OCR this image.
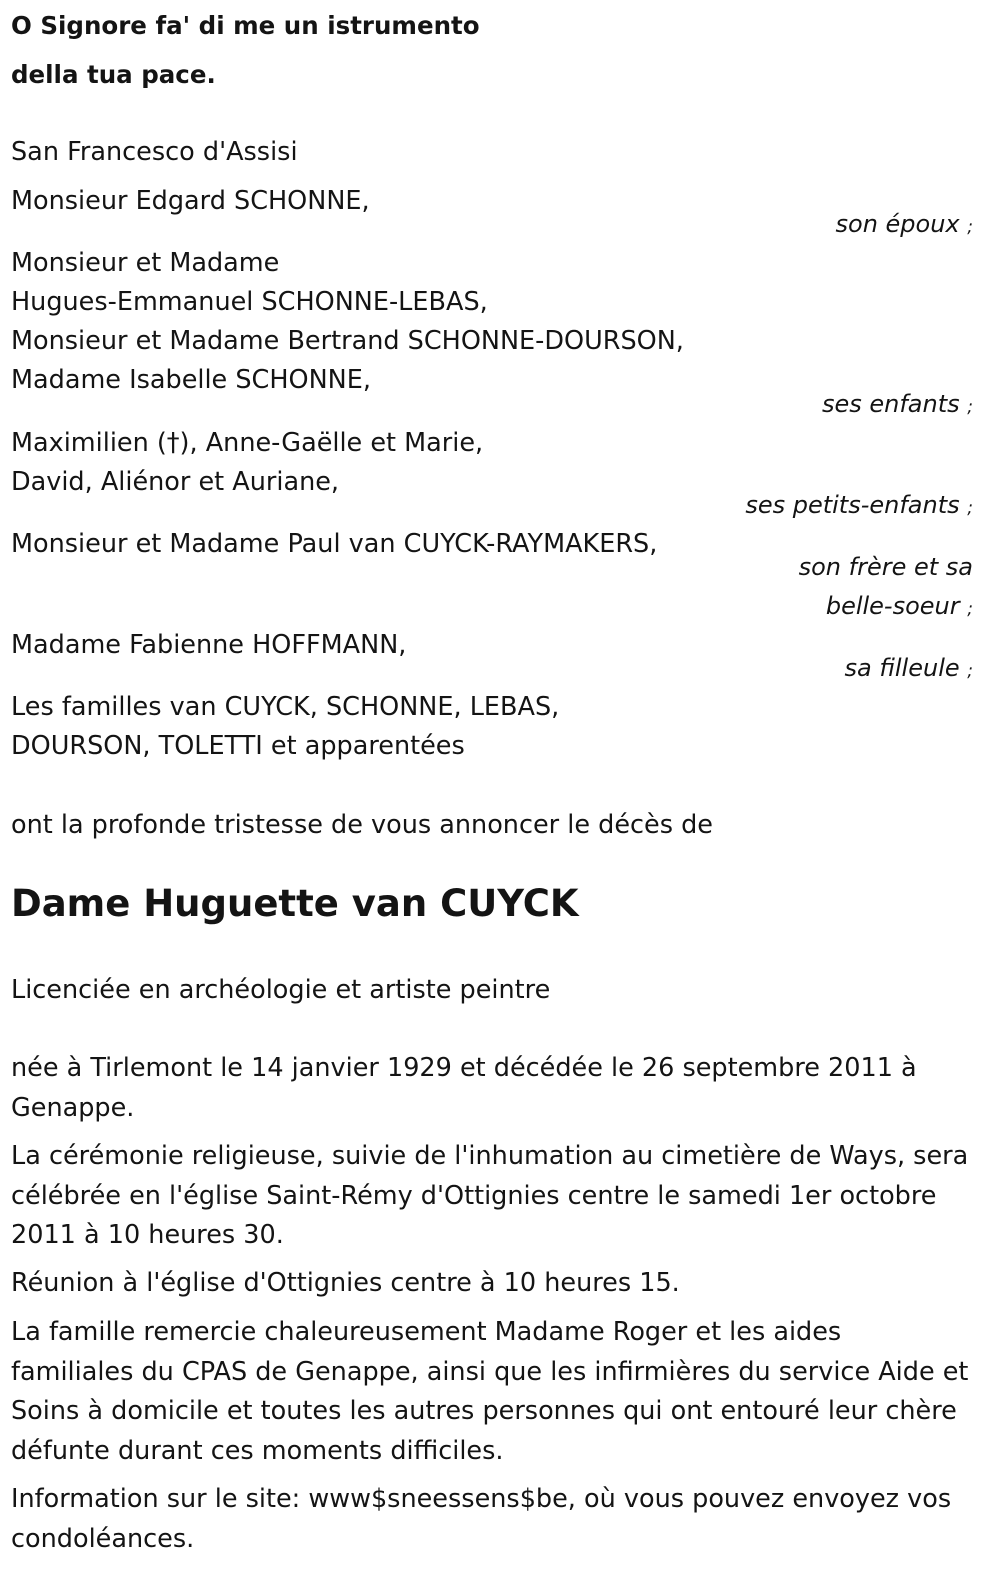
O Signore fa' di me un istrumento
della tua pace.
San Francesco d'Assisi
Monsieur Edgard SCHONNE,
son époux ;
Monsieur et Madame
Hugues-Emmanuel SCHONNE-LEBAS,
Monsieur et Madame Bertrand SCHONNE-DOURSON,
Madame Isabelle SCHONNE,
ses enfants ;
Maximilien (†), Anne-Gaëlle et Marie,
David, Aliénor et Auriane,
ses petits-enfants ;
Monsieur et Madame Paul van CUYCK-RAYMAKERS,
son frère et sa
belle-soeur ;
Madame Fabienne HOFFMANN,
sa filleule ;
Les familles van CUYCK, SCHONNE, LEBAS,
DOURSON, TOLETTI et apparentées
ont la profonde tristesse de vous annoncer le décès de
Dame Huguette van CUYCK
Licenciée en archéologie et artiste peintre
née à Tirlemont le 14 janvier 1929 et décédée le 26 septembre 2011 à Genappe.
La cérémonie religieuse, suivie de l'inhumation au cimetière de Ways, sera célébrée en l'église Saint-Rémy d'Ottignies centre le samedi 1er octobre 2011 à 10 heures 30.
Réunion à l'église d'Ottignies centre à 10 heures 15.
La famille remercie chaleureusement Madame Roger et les aides familiales du CPAS de Genappe, ainsi que les infirmières du service Aide et Soins à domicile et toutes les autres personnes qui ont entouré leur chère défunte durant ces moments difficiles.
Information sur le site: www$sneessens$be, où vous pouvez envoyez vos condoléances.
